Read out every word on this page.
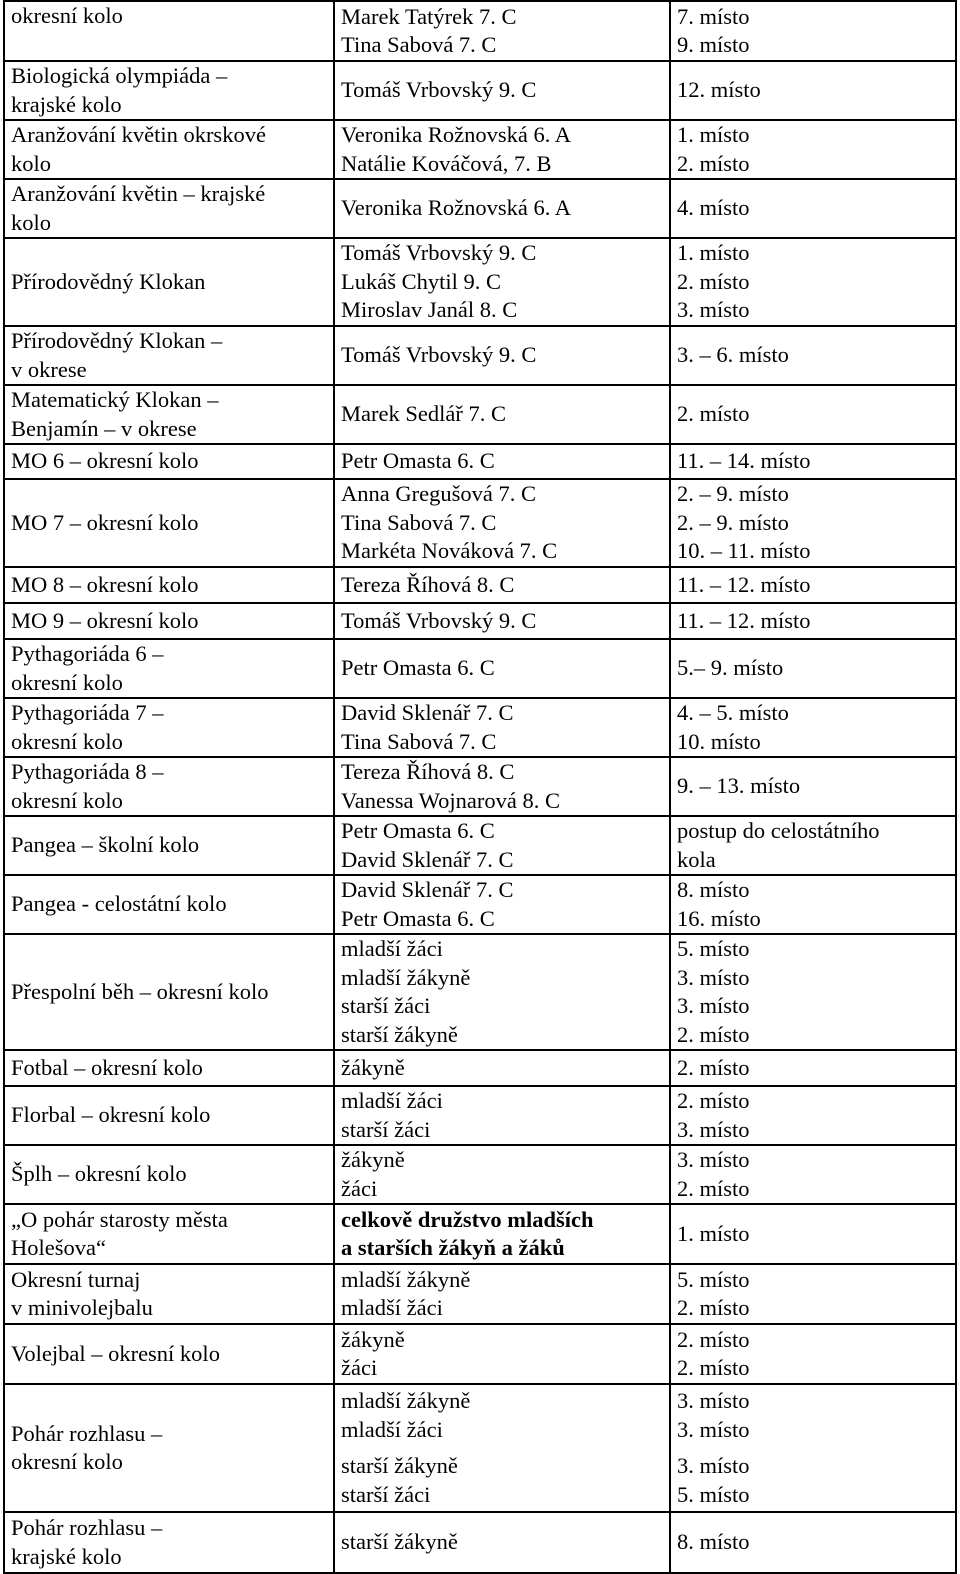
okresní kolo	Marek Tatýrek 7. C
Tina Sabová 7. C	7. místo
9. místo

Biologická olympiáda –
krajské kolo	Tomáš Vrbovský 9. C	12. místo

Aranžování květin okrskové
kolo	Veronika Rožnovská 6. A
Natálie Kováčová, 7. B	1. místo
2. místo

Aranžování květin – krajské
kolo	Veronika Rožnovská 6. A	4. místo

Přírodovědný Klokan	Tomáš Vrbovský 9. C
Lukáš Chytil 9. C
Miroslav Janál 8. C	1. místo
2. místo
3. místo

Přírodovědný Klokan –
v okrese	Tomáš Vrbovský 9. C	3. – 6. místo

Matematický Klokan –
Benjamín – v okrese	Marek Sedlář 7. C	2. místo

MO 6 – okresní kolo	Petr Omasta 6. C	11. – 14. místo

MO 7 – okresní kolo	Anna Gregušová 7. C
Tina Sabová 7. C
Markéta Nováková 7. C	2. – 9. místo
2. – 9. místo
10. – 11. místo

MO 8 – okresní kolo	Tereza Říhová 8. C	11. – 12. místo

MO 9 – okresní kolo	Tomáš Vrbovský 9. C	11. – 12. místo

Pythagoriáda 6 –
okresní kolo	Petr Omasta 6. C	5.– 9. místo

Pythagoriáda 7 –
okresní kolo	David Sklenář 7. C
Tina Sabová 7. C	4. – 5. místo
10. místo

Pythagoriáda 8 –
okresní kolo	Tereza Říhová 8. C
Vanessa Wojnarová 8. C	9. – 13. místo

Pangea – školní kolo	Petr Omasta 6. C
David Sklenář 7. C	postup do celostátního
kola

Pangea - celostátní kolo	David Sklenář 7. C
Petr Omasta 6. C	8. místo
16. místo

Přespolní běh – okresní kolo	mladší žáci
mladší žákyně
starší žáci
starší žákyně	5. místo
3. místo
3. místo
2. místo

Fotbal – okresní kolo	žákyně	2. místo

Florbal – okresní kolo	mladší žáci
starší žáci	2. místo
3. místo

Šplh – okresní kolo	žákyně
žáci	3. místo
2. místo

„O pohár starosty města
Holešova“	celkově družstvo mladších
a starších žákyň a žáků	1. místo

Okresní turnaj
v minivolejbalu	mladší žákyně
mladší žáci	5. místo
2. místo

Volejbal – okresní kolo	žákyně
žáci	2. místo
2. místo

Pohár rozhlasu –
okresní kolo	mladší žákyně
mladší žáci
starší žákyně
starší žáci	3. místo
3. místo
3. místo
5. místo

Pohár rozhlasu –
krajské kolo	starší žákyně	8. místo
